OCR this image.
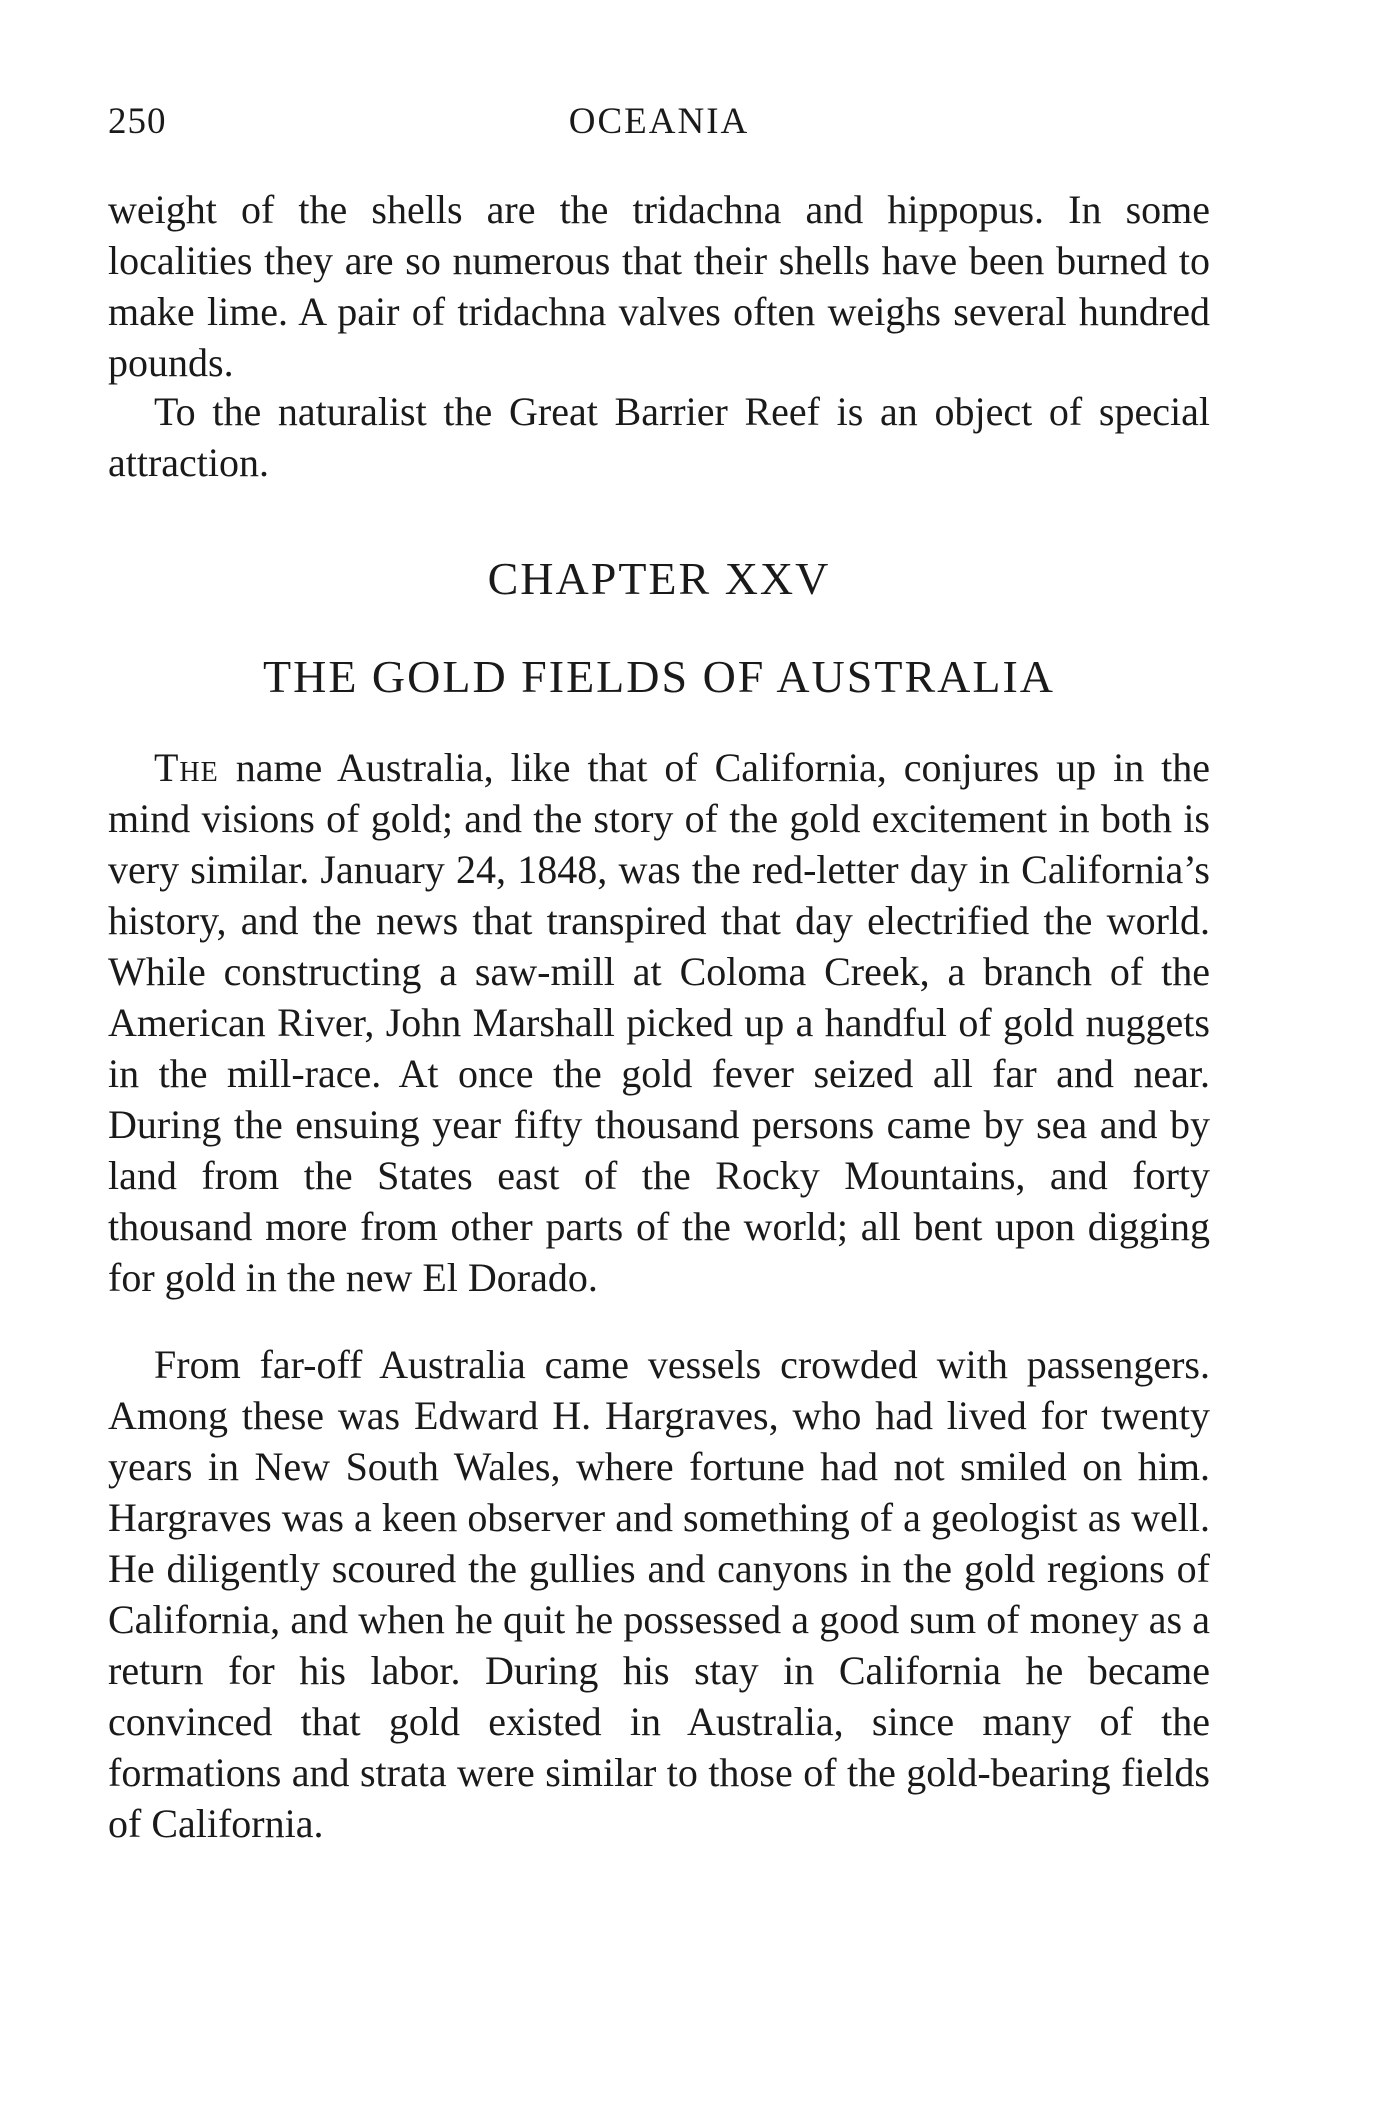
250	OCEANIA

weight of the shells are the tridachna and hippopus. In some localities they are so numerous that their shells have been burned to make lime. A pair of tridachna valves often weighs several hundred pounds.

To the naturalist the Great Barrier Reef is an object of special attraction.

CHAPTER XXV
THE GOLD FIELDS OF AUSTRALIA

The name Australia, like that of California, conjures up in the mind visions of gold; and the story of the gold excitement in both is very similar. January 24, 1848, was the red-letter day in California’s history, and the news that transpired that day electrified the world. While constructing a saw-mill at Coloma Creek, a branch of the American River, John Marshall picked up a handful of gold nuggets in the mill-race. At once the gold fever seized all far and near. During the ensuing year fifty thousand persons came by sea and by land from the States east of the Rocky Mountains, and forty thousand more from other parts of the world; all bent upon digging for gold in the new El Dorado.

From far-off Australia came vessels crowded with passengers. Among these was Edward H. Hargraves, who had lived for twenty years in New South Wales, where fortune had not smiled on him. Hargraves was a keen observer and something of a geologist as well. He diligently scoured the gullies and canyons in the gold regions of California, and when he quit he possessed a good sum of money as a return for his labor. During his stay in California he became convinced that gold existed in Australia, since many of the formations and strata were similar to those of the gold-bearing fields of California.
